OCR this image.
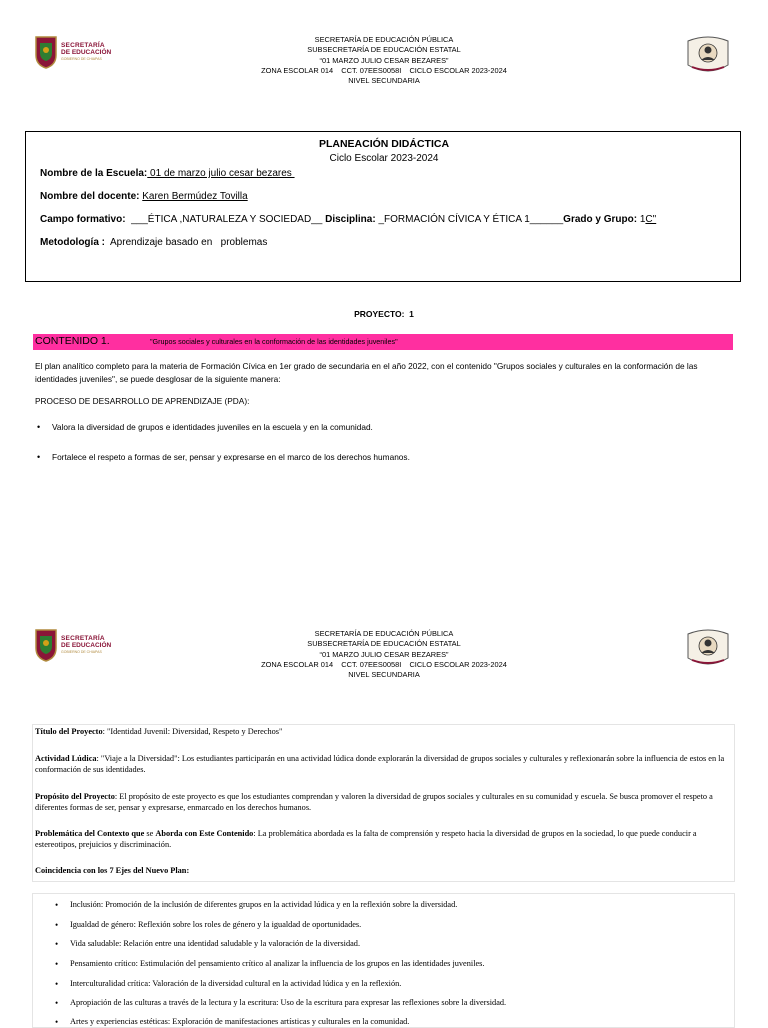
SECRETARÍA
DE EDUCACIÓN
GOBIERNO DE CHIAPAS
SECRETARÍA DE EDUCACIÓN PÚBLICA
SUBSECRETARÍA DE EDUCACIÓN ESTATAL
“01 MARZO JULIO CESAR BEZARES”
ZONA ESCOLAR 014    CCT. 07EES0058I    CICLO ESCOLAR 2023-2024
NIVEL SECUNDARIA
PLANEACIÓN DIDÁCTICA
Ciclo Escolar 2023-2024
Nombre de la Escuela: 01 de marzo julio cesar bezares
Nombre del docente: Karen Bermúdez Tovilla
Campo formativo:  ___ÉTICA ,NATURALEZA Y SOCIEDAD__ Disciplina: _FORMACIÓN CÍVICA Y ÉTICA 1______Grado y Grupo: 1C"
Metodología :  Aprendizaje basado en   problemas
PROYECTO:  1
CONTENIDO 1.	"Grupos sociales y culturales en la conformación de las identidades juveniles"
El plan analítico completo para la materia de Formación Cívica en 1er grado de secundaria en el año 2022, con el contenido "Grupos sociales y culturales en la conformación de las identidades juveniles", se puede desglosar de la siguiente manera:
PROCESO DE DESARROLLO DE APRENDIZAJE (PDA):
• Valora la diversidad de grupos e identidades juveniles en la escuela y en la comunidad.
• Fortalece el respeto a formas de ser, pensar y expresarse en el marco de los derechos humanos.
SECRETARÍA
DE EDUCACIÓN
GOBIERNO DE CHIAPAS
SECRETARÍA DE EDUCACIÓN PÚBLICA
SUBSECRETARÍA DE EDUCACIÓN ESTATAL
“01 MARZO JULIO CESAR BEZARES”
ZONA ESCOLAR 014    CCT. 07EES0058I    CICLO ESCOLAR 2023-2024
NIVEL SECUNDARIA
Título del Proyecto: "Identidad Juvenil: Diversidad, Respeto y Derechos"
Actividad Lúdica: "Viaje a la Diversidad": Los estudiantes participarán en una actividad lúdica donde explorarán la diversidad de grupos sociales y culturales y reflexionarán sobre la influencia de estos en la conformación de sus identidades.
Propósito del Proyecto: El propósito de este proyecto es que los estudiantes comprendan y valoren la diversidad de grupos sociales y culturales en su comunidad y escuela. Se busca promover el respeto a diferentes formas de ser, pensar y expresarse, enmarcado en los derechos humanos.
Problemática del Contexto que se Aborda con Este Contenido: La problemática abordada es la falta de comprensión y respeto hacia la diversidad de grupos en la sociedad, lo que puede conducir a estereotipos, prejuicios y discriminación.
Coincidencia con los 7 Ejes del Nuevo Plan:
• Inclusión: Promoción de la inclusión de diferentes grupos en la actividad lúdica y en la reflexión sobre la diversidad.
• Igualdad de género: Reflexión sobre los roles de género y la igualdad de oportunidades.
• Vida saludable: Relación entre una identidad saludable y la valoración de la diversidad.
• Pensamiento crítico: Estimulación del pensamiento crítico al analizar la influencia de los grupos en las identidades juveniles.
• Interculturalidad crítica: Valoración de la diversidad cultural en la actividad lúdica y en la reflexión.
• Apropiación de las culturas a través de la lectura y la escritura: Uso de la escritura para expresar las reflexiones sobre la diversidad.
• Artes y experiencias estéticas: Exploración de manifestaciones artísticas y culturales en la comunidad.
